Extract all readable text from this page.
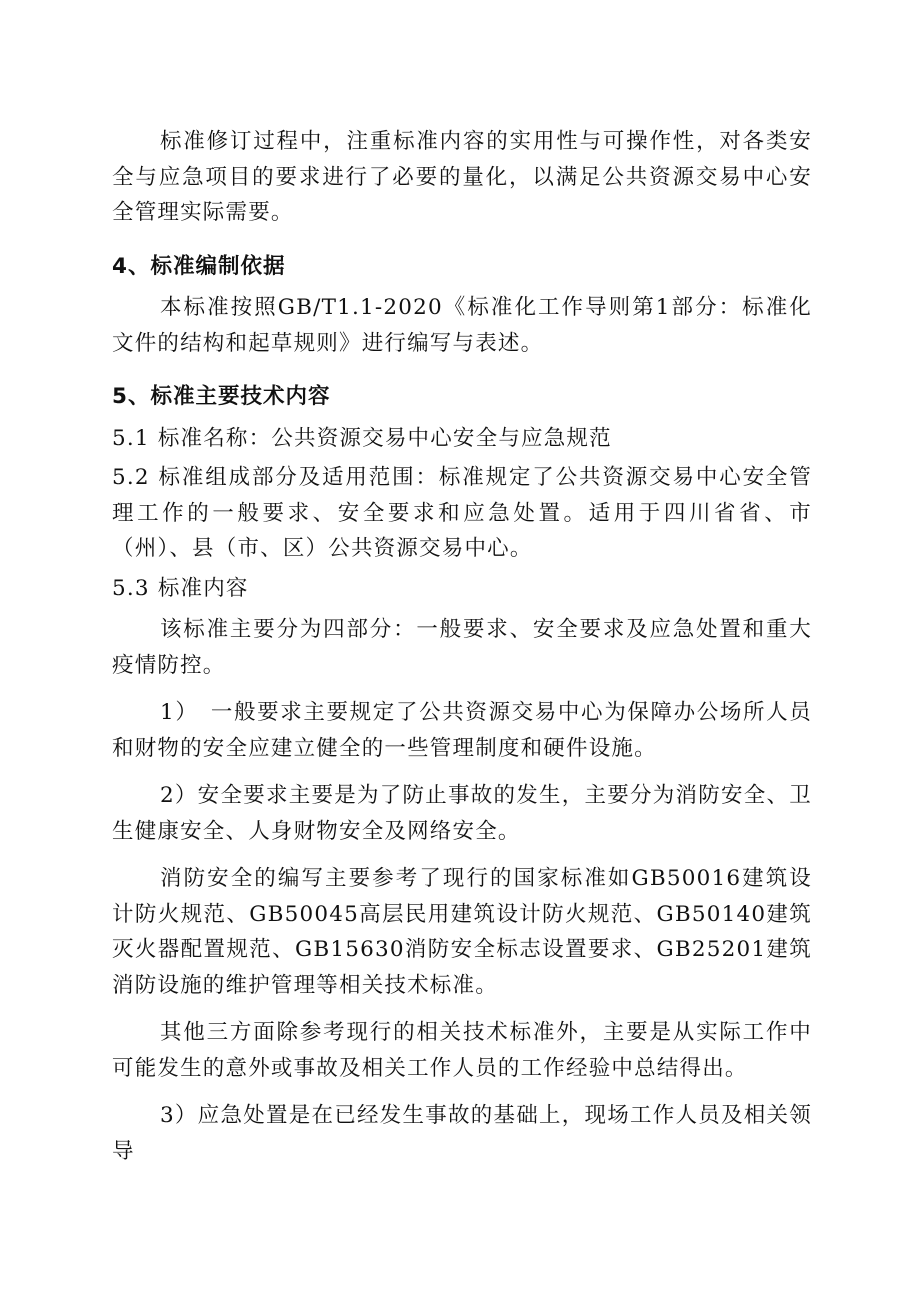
标准修订过程中，注重标准内容的实用性与可操作性，对各类安全与应急项目的要求进行了必要的量化，以满足公共资源交易中心安全管理实际需要。

4、标准编制依据

本标准按照GB/T1.1-2020《标准化工作导则第1部分：标准化文件的结构和起草规则》进行编写与表述。

5、标准主要技术内容
5.1 标准名称：公共资源交易中心安全与应急规范
5.2 标准组成部分及适用范围：标准规定了公共资源交易中心安全管理工作的一般要求、安全要求和应急处置。适用于四川省省、市（州）、县（市、区）公共资源交易中心。
5.3 标准内容

该标准主要分为四部分：一般要求、安全要求及应急处置和重大疫情防控。

1）　一般要求主要规定了公共资源交易中心为保障办公场所人员和财物的安全应建立健全的一些管理制度和硬件设施。

2）安全要求主要是为了防止事故的发生，主要分为消防安全、卫生健康安全、人身财物安全及网络安全。

消防安全的编写主要参考了现行的国家标准如GB50016建筑设计防火规范、GB50045高层民用建筑设计防火规范、GB50140建筑灭火器配置规范、GB15630消防安全标志设置要求、GB25201建筑消防设施的维护管理等相关技术标准。

其他三方面除参考现行的相关技术标准外，主要是从实际工作中可能发生的意外或事故及相关工作人员的工作经验中总结得出。

3）应急处置是在已经发生事故的基础上，现场工作人员及相关领导
